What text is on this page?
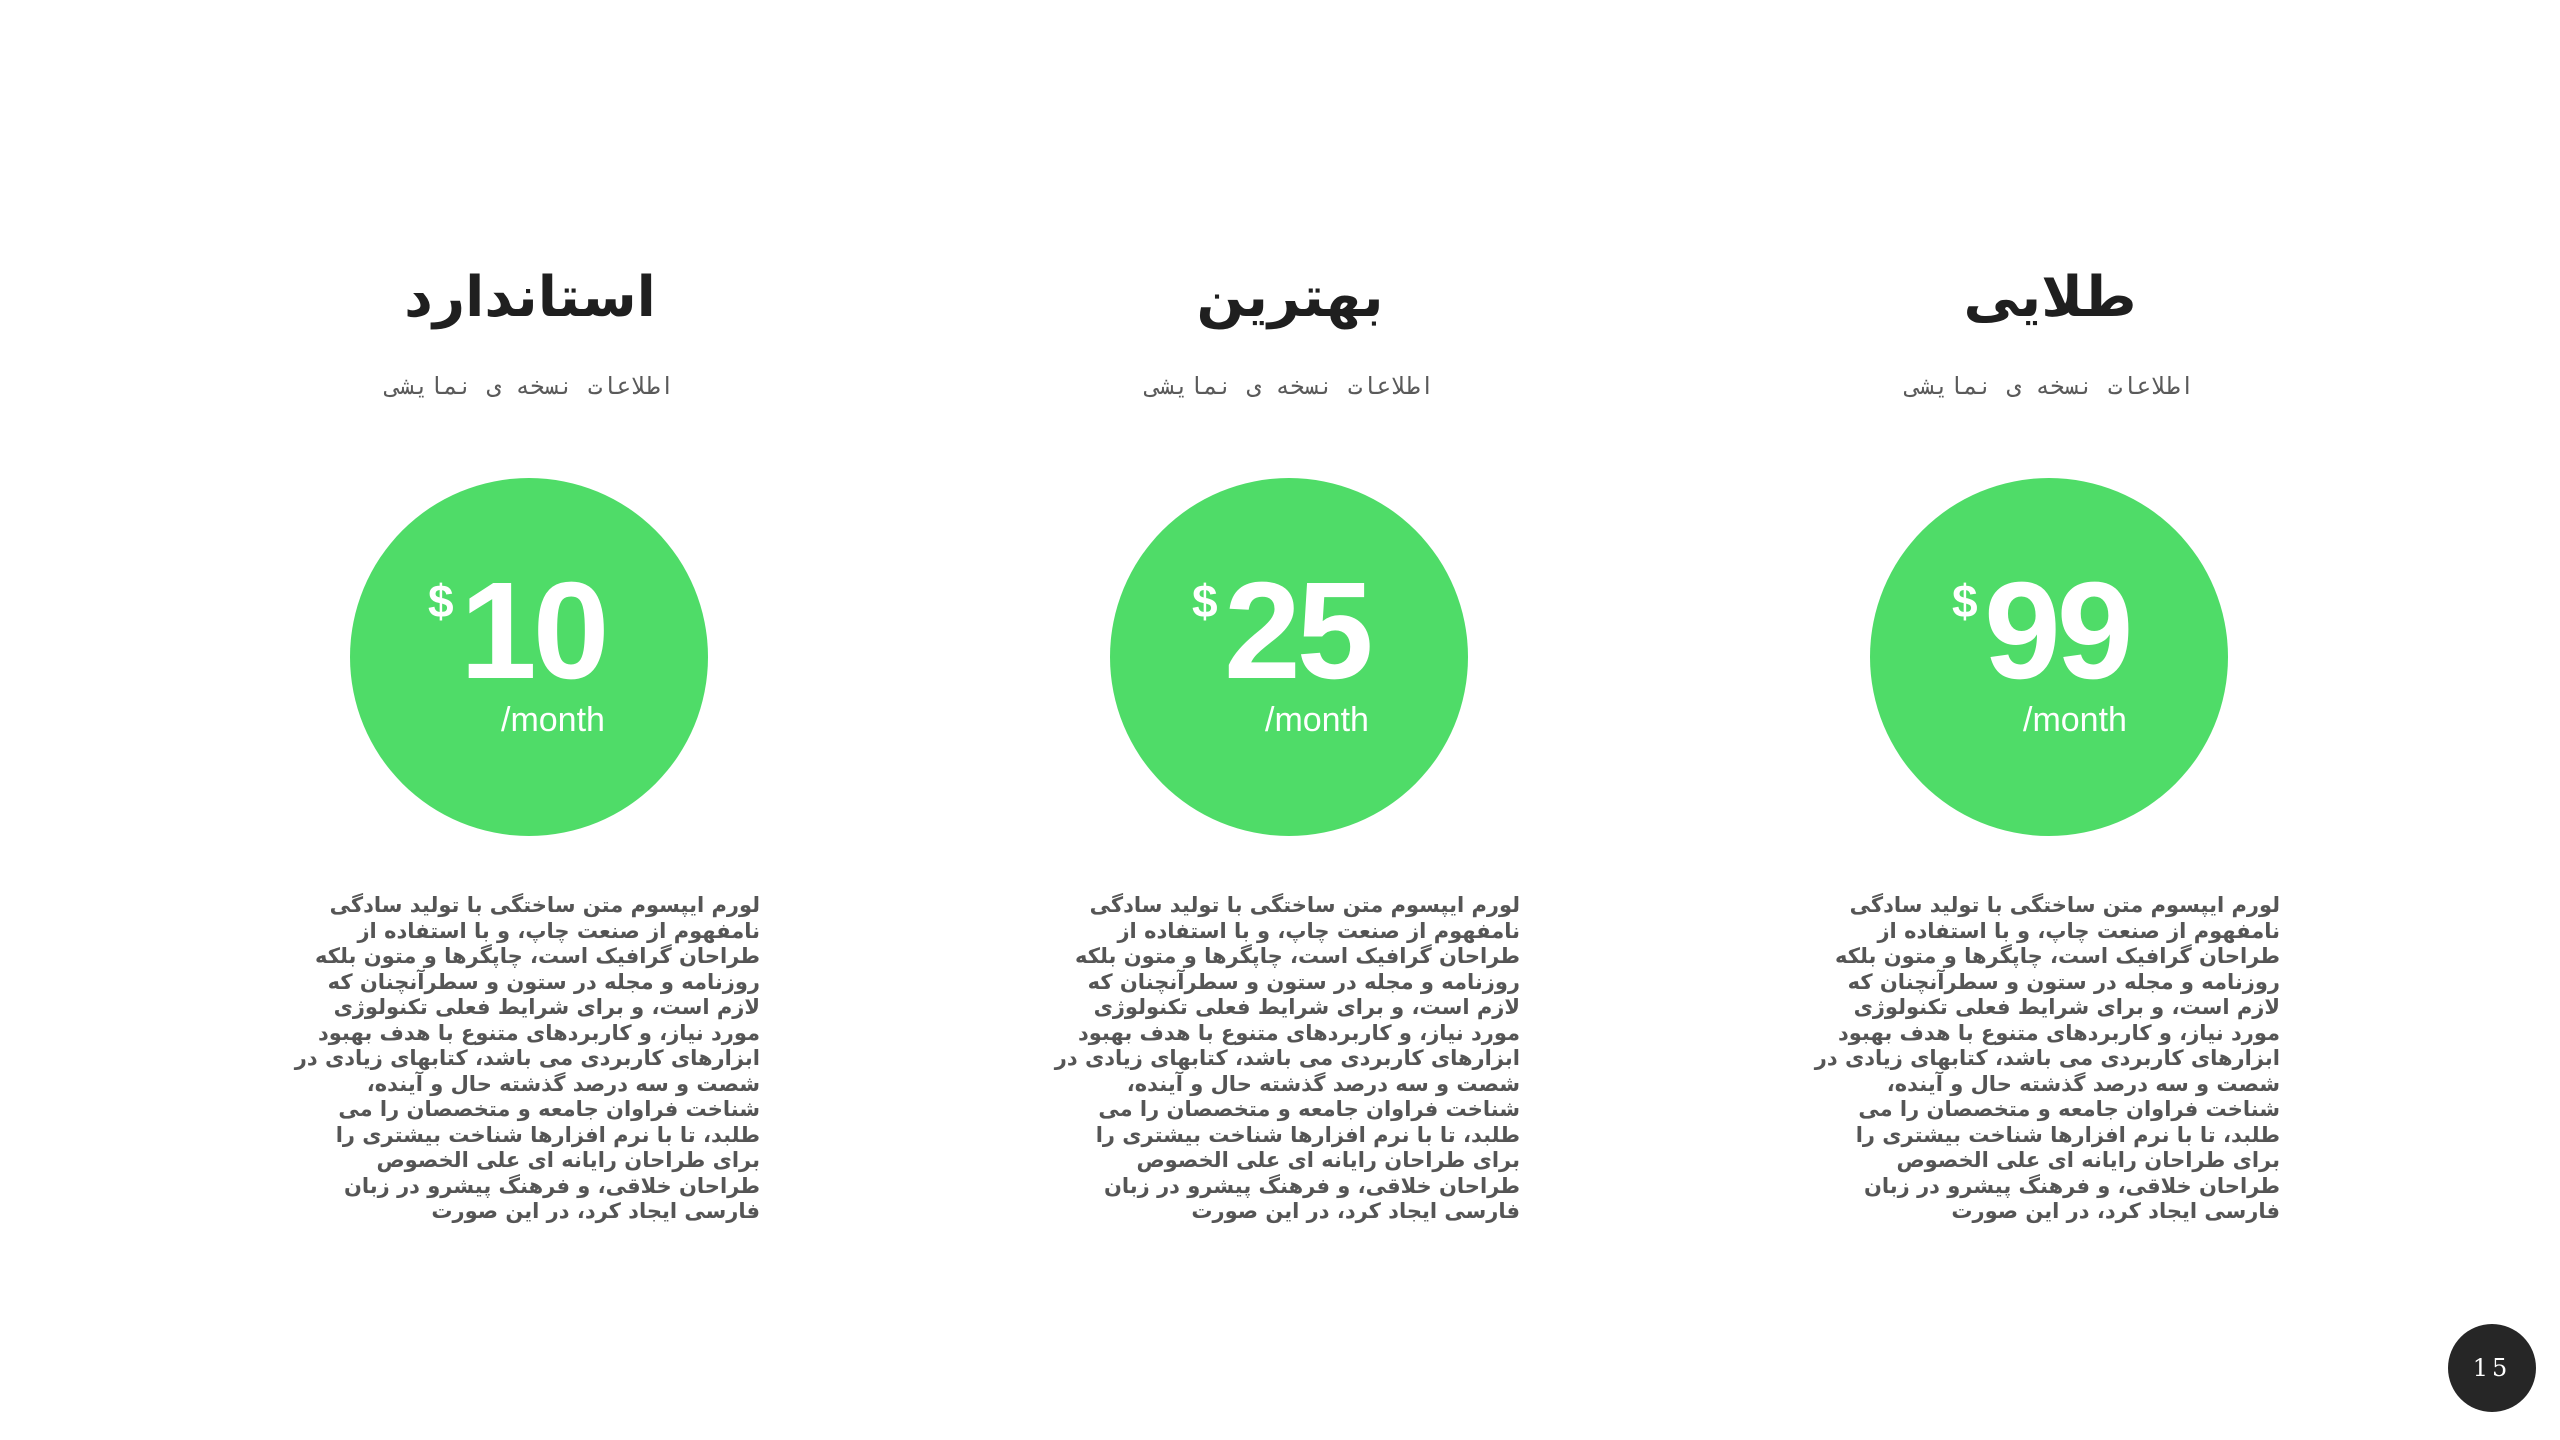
استاندارد
اطلاعات نسخه ی نمایشی
$ 10
/month
لورم ایپسوم متن ساختگی با تولید سادگی نامفهوم از صنعت چاپ، و با استفاده از طراحان گرافیک است، چاپگرها و متون بلکه روزنامه و مجله در ستون و سطرآنچنان که لازم است، و برای شرایط فعلی تکنولوژی مورد نیاز، و کاربردهای متنوع با هدف بهبود ابزارهای کاربردی می باشد، کتابهای زیادی در شصت و سه درصد گذشته حال و آینده، شناخت فراوان جامعه و متخصصان را می طلبد، تا با نرم افزارها شناخت بیشتری را برای طراحان رایانه ای علی الخصوص طراحان خلاقی، و فرهنگ پیشرو در زبان فارسی ایجاد کرد، در این صورت
بهترین
اطلاعات نسخه ی نمایشی
$ 25
/month
لورم ایپسوم متن ساختگی با تولید سادگی نامفهوم از صنعت چاپ، و با استفاده از طراحان گرافیک است، چاپگرها و متون بلکه روزنامه و مجله در ستون و سطرآنچنان که لازم است، و برای شرایط فعلی تکنولوژی مورد نیاز، و کاربردهای متنوع با هدف بهبود ابزارهای کاربردی می باشد، کتابهای زیادی در شصت و سه درصد گذشته حال و آینده، شناخت فراوان جامعه و متخصصان را می طلبد، تا با نرم افزارها شناخت بیشتری را برای طراحان رایانه ای علی الخصوص طراحان خلاقی، و فرهنگ پیشرو در زبان فارسی ایجاد کرد، در این صورت
طلایی
اطلاعات نسخه ی نمایشی
$ 99
/month
لورم ایپسوم متن ساختگی با تولید سادگی نامفهوم از صنعت چاپ، و با استفاده از طراحان گرافیک است، چاپگرها و متون بلکه روزنامه و مجله در ستون و سطرآنچنان که لازم است، و برای شرایط فعلی تکنولوژی مورد نیاز، و کاربردهای متنوع با هدف بهبود ابزارهای کاربردی می باشد، کتابهای زیادی در شصت و سه درصد گذشته حال و آینده، شناخت فراوان جامعه و متخصصان را می طلبد، تا با نرم افزارها شناخت بیشتری را برای طراحان رایانه ای علی الخصوص طراحان خلاقی، و فرهنگ پیشرو در زبان فارسی ایجاد کرد، در این صورت
15
